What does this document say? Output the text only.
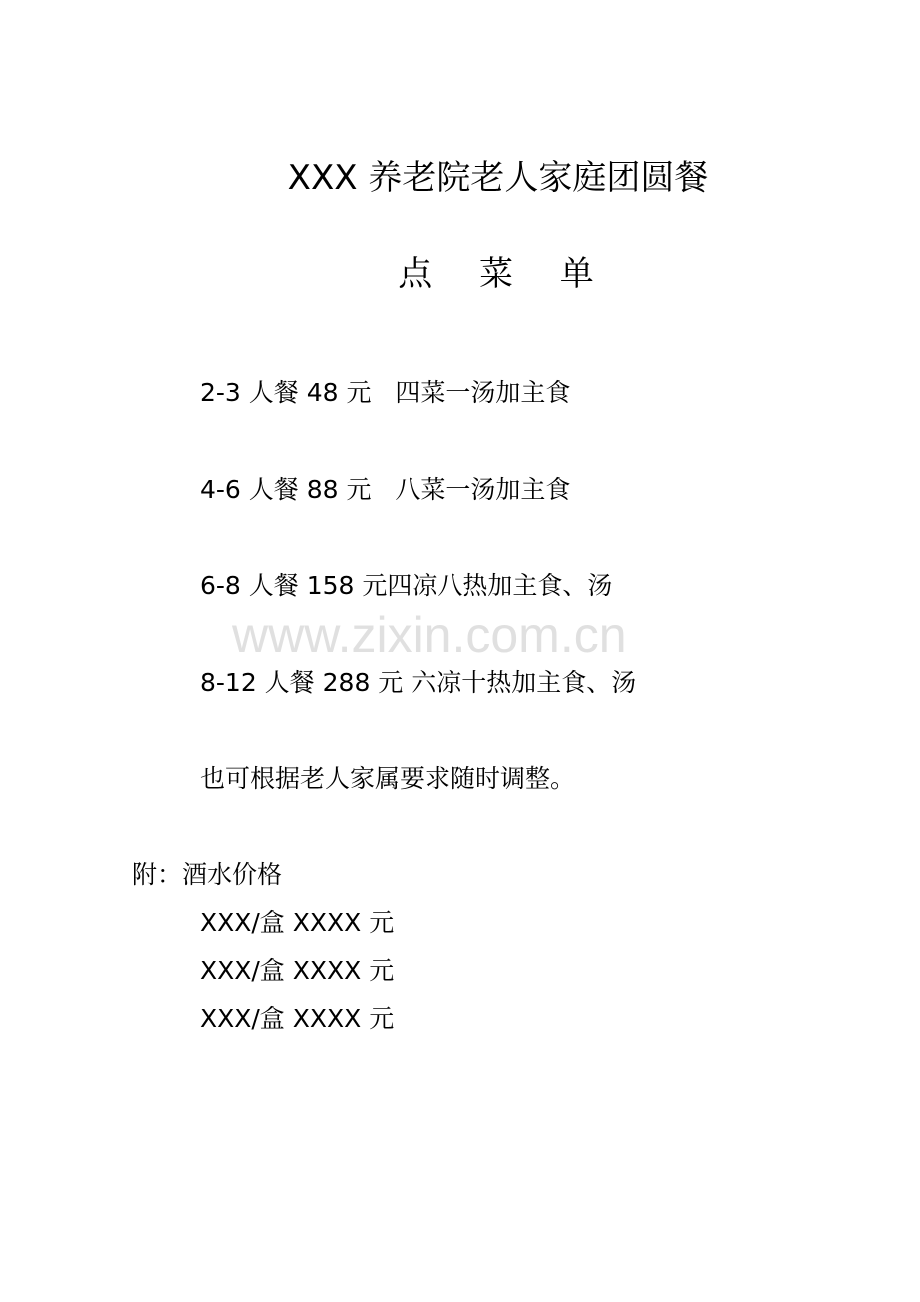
XXX 养老院老人家庭团圆餐
点 菜 单
2-3 人餐 48 元   四菜一汤加主食
4-6 人餐 88 元   八菜一汤加主食
6-8 人餐 158 元四凉八热加主食、汤
8-12 人餐 288 元 六凉十热加主食、汤
www.zixin.com.cn
也可根据老人家属要求随时调整。
附：酒水价格
XXX/盒 XXXX 元
XXX/盒 XXXX 元
XXX/盒 XXXX 元
